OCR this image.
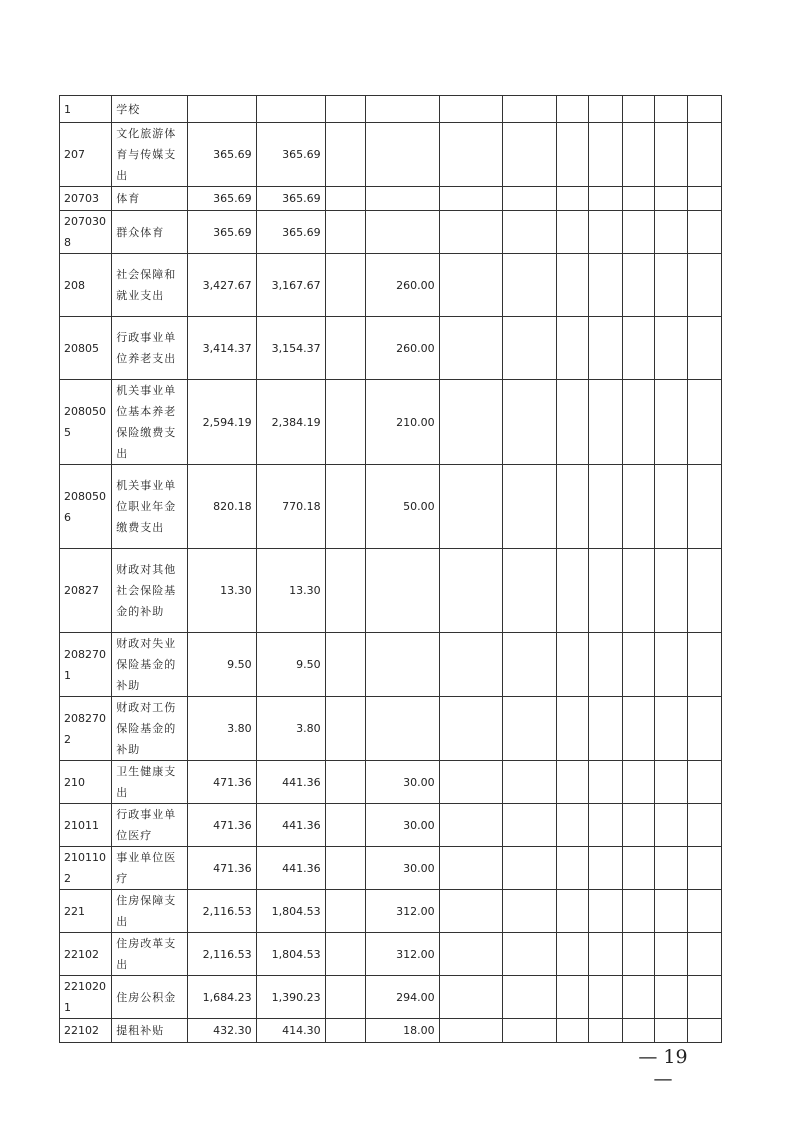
1	学校											
207	文化旅游体育与传媒支出	365.69	365.69									
20703	体育	365.69	365.69									
2070308	群众体育	365.69	365.69									
208	社会保障和就业支出	3,427.67	3,167.67		260.00							
20805	行政事业单位养老支出	3,414.37	3,154.37		260.00							
2080505	机关事业单位基本养老保险缴费支出	2,594.19	2,384.19		210.00							
2080506	机关事业单位职业年金缴费支出	820.18	770.18		50.00							
20827	财政对其他社会保险基金的补助	13.30	13.30									
2082701	财政对失业保险基金的补助	9.50	9.50									
2082702	财政对工伤保险基金的补助	3.80	3.80									
210	卫生健康支出	471.36	441.36		30.00							
21011	行政事业单位医疗	471.36	441.36		30.00							
2101102	事业单位医疗	471.36	441.36		30.00							
221	住房保障支出	2,116.53	1,804.53		312.00							
22102	住房改革支出	2,116.53	1,804.53		312.00							
2210201	住房公积金	1,684.23	1,390.23		294.00							
22102	提租补贴	432.30	414.30		18.00							
— 19 —
